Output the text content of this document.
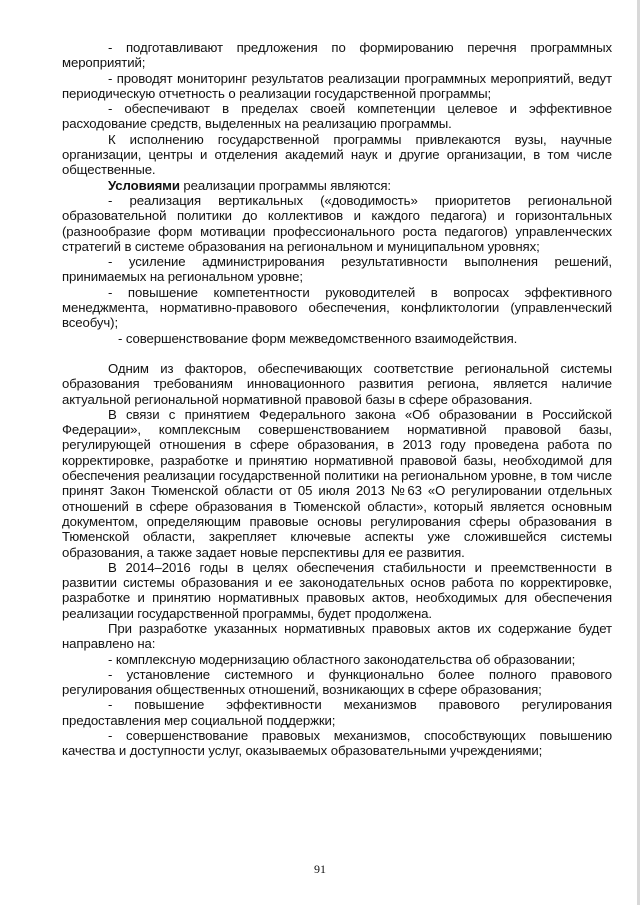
- подготавливают предложения по формированию перечня программных мероприятий;

- проводят мониторинг результатов реализации программных мероприятий, ведут периодическую отчетность о реализации государственной программы;

- обеспечивают в пределах своей компетенции целевое и эффективное расходование средств, выделенных на реализацию программы.

К исполнению государственной программы привлекаются вузы, научные организации, центры и отделения академий наук и другие организации, в том числе общественные.

Условиями реализации программы являются:

- реализация вертикальных («доводимость» приоритетов региональной образовательной политики до коллективов и каждого педагога) и горизонтальных (разнообразие форм мотивации профессионального роста педагогов) управленческих стратегий в системе образования на региональном и муниципальном уровнях;

- усиление администрирования результативности выполнения решений, принимаемых на региональном уровне;

- повышение компетентности руководителей в вопросах эффективного менеджмента, нормативно-правового обеспечения, конфликтологии (управленческий всеобуч);

- совершенствование форм межведомственного взаимодействия.

Одним из факторов, обеспечивающих соответствие региональной системы образования требованиям инновационного развития региона, является наличие актуальной региональной нормативной правовой базы в сфере образования.

В связи с принятием Федерального закона «Об образовании в Российской Федерации», комплексным совершенствованием нормативной правовой базы, регулирующей отношения в сфере образования, в 2013 году проведена работа по корректировке, разработке и принятию нормативной правовой базы, необходимой для обеспечения реализации государственной политики на региональном уровне, в том числе принят Закон Тюменской области от 05 июля 2013 №63 «О регулировании отдельных отношений в сфере образования в Тюменской области», который является основным документом, определяющим правовые основы регулирования сферы образования в Тюменской области, закрепляет ключевые аспекты уже сложившейся системы образования, а также задает новые перспективы для ее развития.

В 2014–2016 годы в целях обеспечения стабильности и преемственности в развитии системы образования и ее законодательных основ работа по корректировке, разработке и принятию нормативных правовых актов, необходимых для обеспечения реализации государственной программы, будет продолжена.

При разработке указанных нормативных правовых актов их содержание будет направлено на:

- комплексную модернизацию областного законодательства об образовании;

- установление системного и функционально более полного правового регулирования общественных отношений, возникающих в сфере образования;

- повышение эффективности механизмов правового регулирования предоставления мер социальной поддержки;

- совершенствование правовых механизмов, способствующих повышению качества и доступности услуг, оказываемых образовательными учреждениями;

91
